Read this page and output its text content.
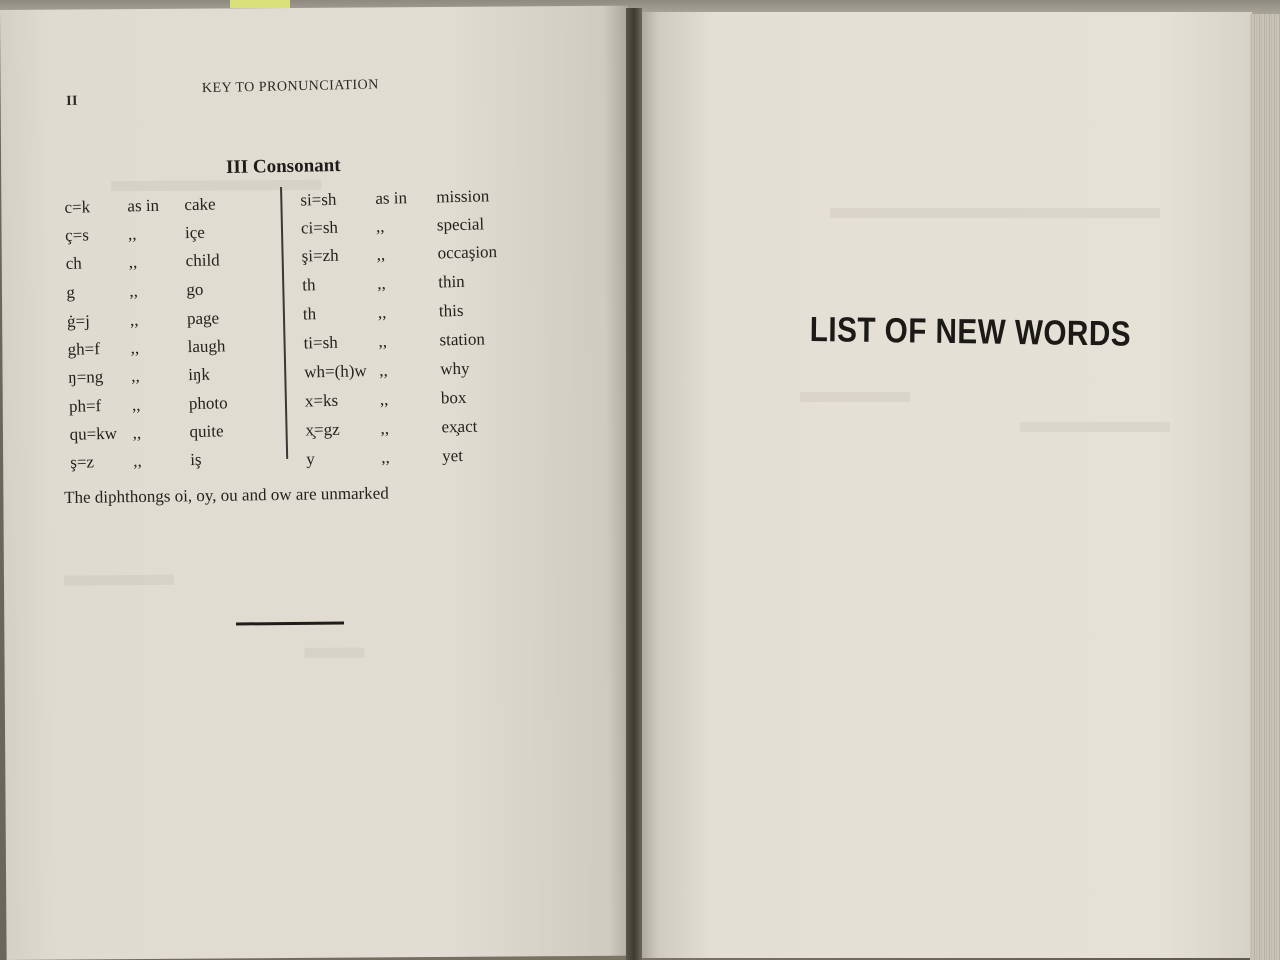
II
KEY TO PRONUNCIATION
III Consonant
c=k as in cake
ç=s ,,	içe
ch	,,	child
g	,,	go
ġ=j ,,	page
gh=f ,,	laugh
ŋ=ng ,,	iŋk
ph=f ,,	photo
qu=kw ,,	quite
ş=z ,,	iş
si=sh as in mission
ci=sh ,,	special
şi=zh ,,	occaşion
th	,,	thin
th	,,	this
ti=sh ,,	station
wh=(h)w ,,	why
x=ks ,,	box
x̧=gz ,,	ex̧act
y	,,	yet
The diphthongs oi, oy, ou and ow are unmarked
LIST OF NEW WORDS
